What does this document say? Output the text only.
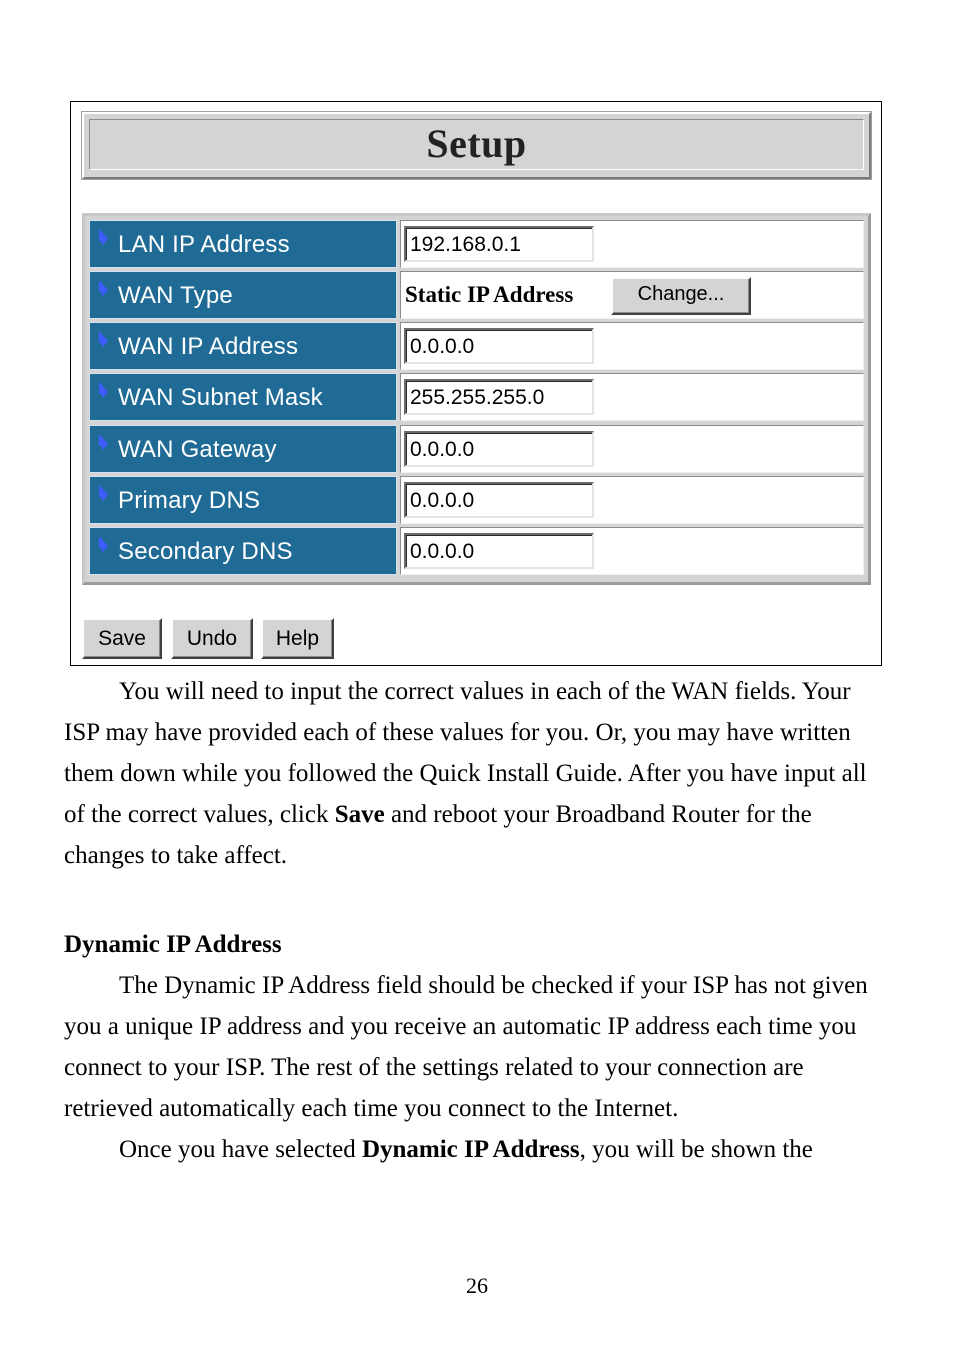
Setup
LAN IP Address	192.168.0.1
WAN Type	Static IP Address	Change...
WAN IP Address	0.0.0.0
WAN Subnet Mask	255.255.255.0
WAN Gateway	0.0.0.0
Primary DNS	0.0.0.0
Secondary DNS	0.0.0.0
Save	Undo	Help

You will need to input the correct values in each of the WAN fields. Your ISP may have provided each of these values for you. Or, you may have written them down while you followed the Quick Install Guide. After you have input all of the correct values, click Save and reboot your Broadband Router for the changes to take affect.

Dynamic IP Address

The Dynamic IP Address field should be checked if your ISP has not given you a unique IP address and you receive an automatic IP address each time you connect to your ISP. The rest of the settings related to your connection are retrieved automatically each time you connect to the Internet.

Once you have selected Dynamic IP Address, you will be shown the

26
